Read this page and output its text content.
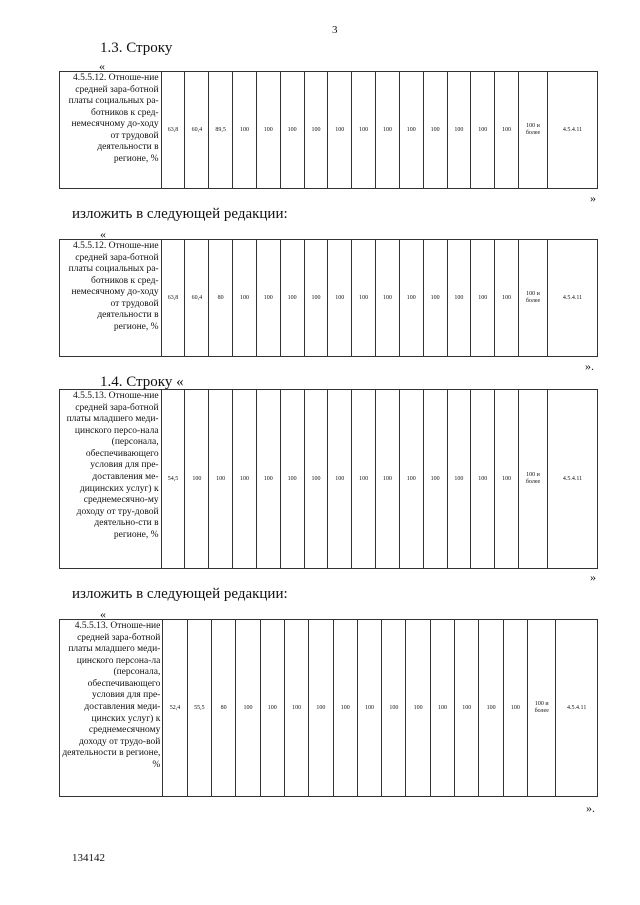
3
1.3. Строку
«
4.5.5.12. Отноше-ние средней зара-ботной платы социальных ра-ботников к сред-немесячному до-ходу от трудовой деятельности в регионе, %	63,8	60,4	89,5	100	100	100	100	100	100	100	100	100	100	100	100	100 и более	4.5.4.11
»
изложить в следующей редакции:
«
4.5.5.12. Отноше-ние средней зара-ботной платы социальных ра-ботников к сред-немесячному до-ходу от трудовой деятельности в регионе, %	63,8	60,4	80	100	100	100	100	100	100	100	100	100	100	100	100	100 и более	4.5.4.11
».
1.4. Строку «
4.5.5.13. Отноше-ние средней зара-ботной платы младшего меди-цинского персо-нала (персонала, обеспечивающего условия для пре-доставления ме-дицинских услуг) к среднемесячно-му доходу от тру-довой деятельно-сти в регионе, %	54,5	100	100	100	100	100	100	100	100	100	100	100	100	100	100	100 и более	4.5.4.11
»
изложить в следующей редакции:
«
4.5.5.13. Отноше-ние средней зара-ботной платы младшего меди-цинского персона-ла (персонала, обеспечивающего условия для пре-доставления меди-цинских услуг) к среднемесячному доходу от трудо-вой деятельности в регионе, %	52,4	55,5	80	100	100	100	100	100	100	100	100	100	100	100	100	100 и более	4.5.4.11
».
134142
